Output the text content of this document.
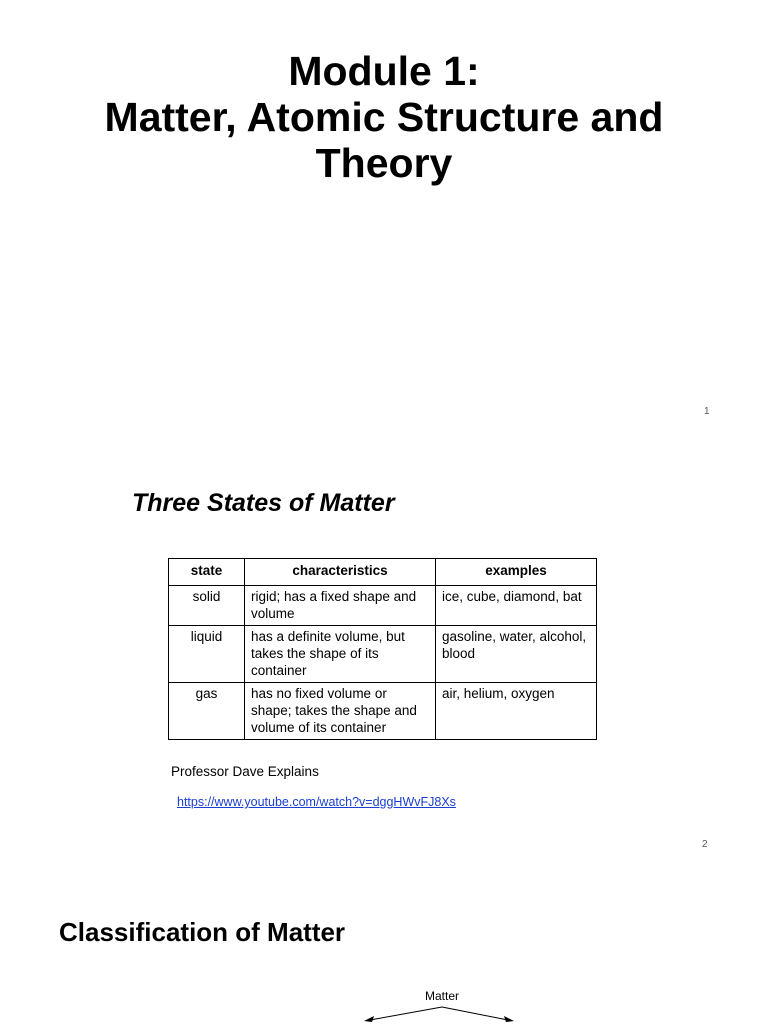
Module 1:
Matter, Atomic Structure and
Theory
1
Three States of Matter
state	characteristics	examples
solid	rigid; has a fixed shape and volume	ice, cube, diamond, bat
liquid	has a definite volume, but takes the shape of its container	gasoline, water, alcohol, blood
gas	has no fixed volume or shape; takes the shape and volume of its container	air, helium, oxygen
Professor Dave Explains
https://www.youtube.com/watch?v=dggHWvFJ8Xs
2
Classification of Matter
Matter
